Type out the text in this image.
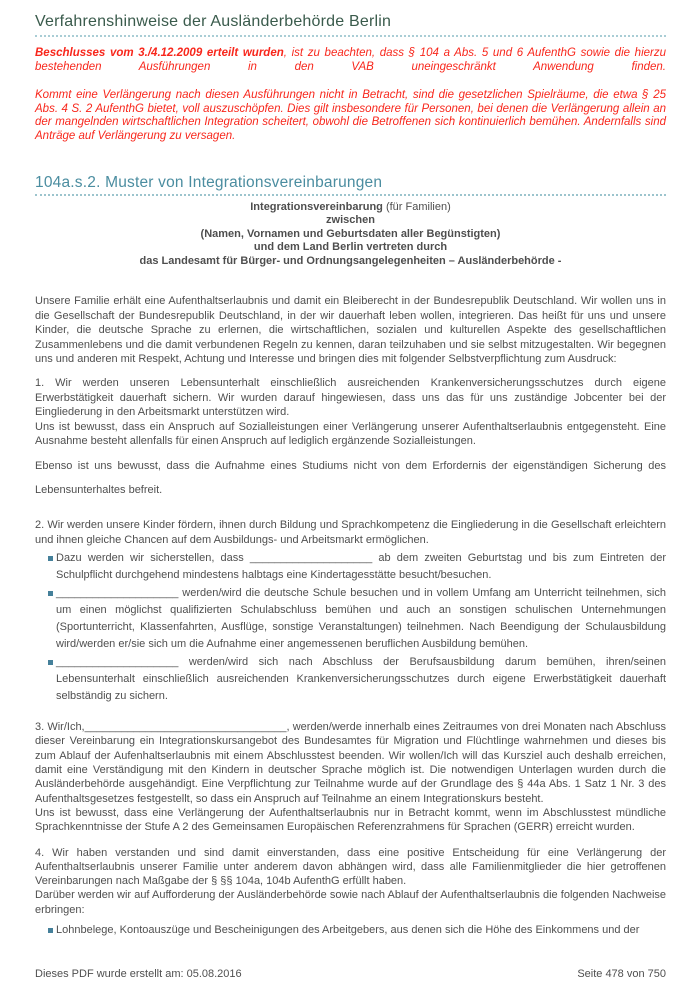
Verfahrenshinweise der Ausländerbehörde Berlin

Beschlusses vom 3./4.12.2009 erteilt wurden, ist zu beachten, dass § 104 a Abs. 5 und 6 AufenthG sowie die hierzu bestehenden Ausführungen in den VAB uneingeschränkt Anwendung finden.

Kommt eine Verlängerung nach diesen Ausführungen nicht in Betracht, sind die gesetzlichen Spielräume, die etwa § 25 Abs. 4 S. 2 AufenthG bietet, voll auszuschöpfen. Dies gilt insbesondere für Personen, bei denen die Verlängerung allein an der mangelnden wirtschaftlichen Integration scheitert, obwohl die Betroffenen sich kontinuierlich bemühen. Andernfalls sind Anträge auf Verlängerung zu versagen.

104a.s.2. Muster von Integrationsvereinbarungen
Integrationsvereinbarung (für Familien)
zwischen
(Namen, Vornamen und Geburtsdaten aller Begünstigten)
und dem Land Berlin vertreten durch
das Landesamt für Bürger- und Ordnungsangelegenheiten – Ausländerbehörde -

Unsere Familie erhält eine Aufenthaltserlaubnis und damit ein Bleiberecht in der Bundesrepublik Deutschland. Wir wollen uns in die Gesellschaft der Bundesrepublik Deutschland, in der wir dauerhaft leben wollen, integrieren. Das heißt für uns und unsere Kinder, die deutsche Sprache zu erlernen, die wirtschaftlichen, sozialen und kulturellen Aspekte des gesellschaftlichen Zusammenlebens und die damit verbundenen Regeln zu kennen, daran teilzuhaben und sie selbst mitzugestalten. Wir begegnen uns und anderen mit Respekt, Achtung und Interesse und bringen dies mit folgender Selbstverpflichtung zum Ausdruck:

1. Wir werden unseren Lebensunterhalt einschließlich ausreichenden Krankenversicherungsschutzes durch eigene Erwerbstätigkeit dauerhaft sichern. Wir wurden darauf hingewiesen, dass uns das für uns zuständige Jobcenter bei der Eingliederung in den Arbeitsmarkt unterstützen wird.

Uns ist bewusst, dass ein Anspruch auf Sozialleistungen einer Verlängerung unserer Aufenthaltserlaubnis entgegensteht. Eine Ausnahme besteht allenfalls für einen Anspruch auf lediglich ergänzende Sozialleistungen.

Ebenso ist uns bewusst, dass die Aufnahme eines Studiums nicht von dem Erfordernis der eigenständigen Sicherung des Lebensunterhaltes befreit.

2. Wir werden unsere Kinder fördern, ihnen durch Bildung und Sprachkompetenz die Eingliederung in die Gesellschaft erleichtern und ihnen gleiche Chancen auf dem Ausbildungs- und Arbeitsmarkt ermöglichen.

Dazu werden wir sicherstellen, dass ____________________ ab dem zweiten Geburtstag und bis zum Eintreten der Schulpflicht durchgehend mindestens halbtags eine Kindertagesstätte besucht/besuchen.
____________________ werden/wird die deutsche Schule besuchen und in vollem Umfang am Unterricht teilnehmen, sich um einen möglichst qualifizierten Schulabschluss bemühen und auch an sonstigen schulischen Unternehmungen (Sportunterricht, Klassenfahrten, Ausflüge, sonstige Veranstaltungen) teilnehmen. Nach Beendigung der Schulausbildung wird/werden er/sie sich um die Aufnahme einer angemessenen beruflichen Ausbildung bemühen.
____________________ werden/wird sich nach Abschluss der Berufsausbildung darum bemühen, ihren/seinen Lebensunterhalt einschließlich ausreichenden Krankenversicherungsschutzes durch eigene Erwerbstätigkeit dauerhaft selbständig zu sichern.

3. Wir/Ich,_________________________________, werden/werde innerhalb eines Zeitraumes von drei Monaten nach Abschluss dieser Vereinbarung ein Integrationskursangebot des Bundesamtes für Migration und Flüchtlinge wahrnehmen und dieses bis zum Ablauf der Aufenhaltserlaubnis mit einem Abschlusstest beenden. Wir wollen/Ich will das Kursziel auch deshalb erreichen, damit eine Verständigung mit den Kindern in deutscher Sprache möglich ist. Die notwendigen Unterlagen wurden durch die Ausländerbehörde ausgehändigt. Eine Verpflichtung zur Teilnahme wurde auf der Grundlage des § 44a Abs. 1 Satz 1 Nr. 3 des Aufenthaltsgesetzes festgestellt, so dass ein Anspruch auf Teilnahme an einem Integrationskurs besteht.

Uns ist bewusst, dass eine Verlängerung der Aufenthaltserlaubnis nur in Betracht kommt, wenn im Abschlusstest mündliche Sprachkenntnisse der Stufe A 2 des Gemeinsamen Europäischen Referenzrahmens für Sprachen (GERR) erreicht wurden.

4. Wir haben verstanden und sind damit einverstanden, dass eine positive Entscheidung für eine Verlängerung der Aufenthaltserlaubnis unserer Familie unter anderem davon abhängen wird, dass alle Familienmitglieder die hier getroffenen Vereinbarungen nach Maßgabe der § §§ 104a, 104b AufenthG erfüllt haben.

Darüber werden wir auf Aufforderung der Ausländerbehörde sowie nach Ablauf der Aufenthaltserlaubnis die folgenden Nachweise erbringen:

Lohnbelege, Kontoauszüge und Bescheinigungen des Arbeitgebers, aus denen sich die Höhe des Einkommens und der
Dieses PDF wurde erstellt am: 05.08.2016	Seite 478 von 750
